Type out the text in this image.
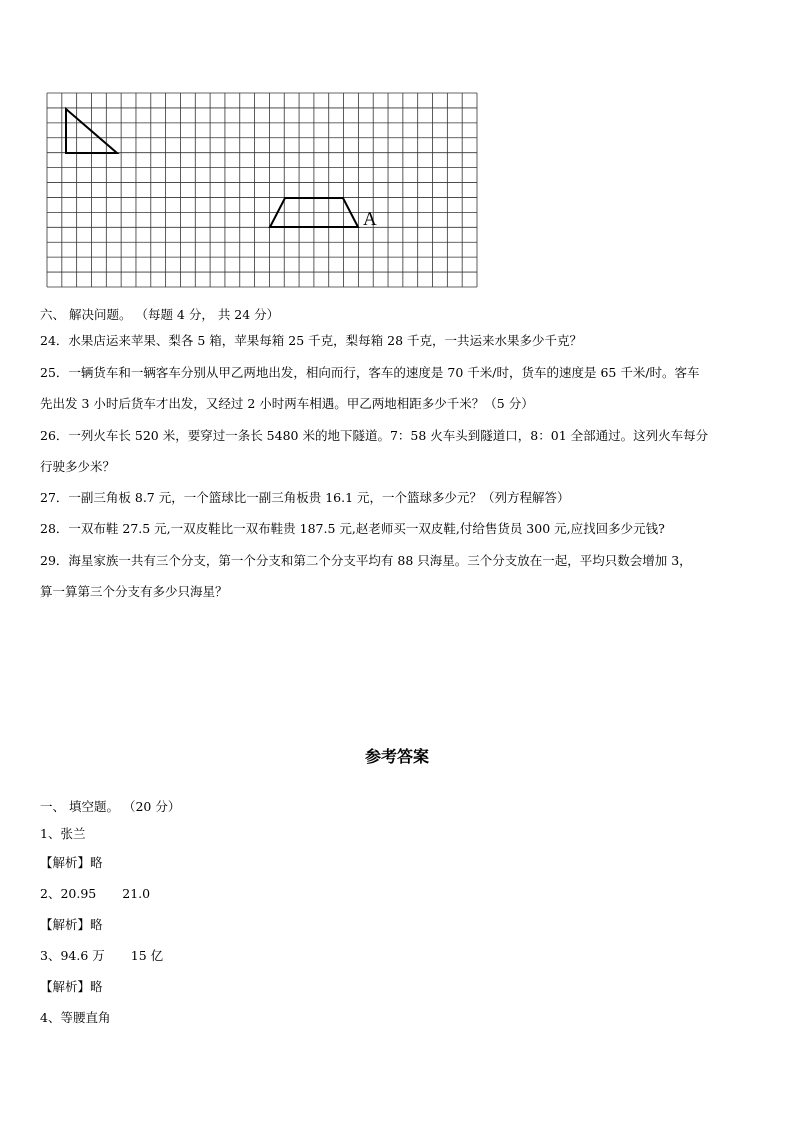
A
六、 解决问题。 （每题 4 分， 共 24 分）
24．水果店运来苹果、梨各 5 箱，苹果每箱 25 千克，梨每箱 28 千克，一共运来水果多少千克？
25．一辆货车和一辆客车分别从甲乙两地出发，相向而行，客车的速度是 70 千米/时，货车的速度是 65 千米/时。客车
先出发 3 小时后货车才出发，又经过 2 小时两车相遇。甲乙两地相距多少千米？（5 分）
26．一列火车长 520 米，要穿过一条长 5480 米的地下隧道。7：58 火车头到隧道口，8：01 全部通过。这列火车每分
行驶多少米？
27．一副三角板 8.7 元，一个篮球比一副三角板贵 16.1 元，一个篮球多少元？（列方程解答）
28．一双布鞋 27.5 元,一双皮鞋比一双布鞋贵 187.5 元,赵老师买一双皮鞋,付给售货员 300 元,应找回多少元钱?
29．海星家族一共有三个分支，第一个分支和第二个分支平均有 88 只海星。三个分支放在一起，平均只数会增加 3，
算一算第三个分支有多少只海星？
参考答案
一、 填空题。 （20 分）
1、张兰
【解析】略
2、20.95 21.0
【解析】略
3、94.6 万 15 亿
【解析】略
4、等腰直角
